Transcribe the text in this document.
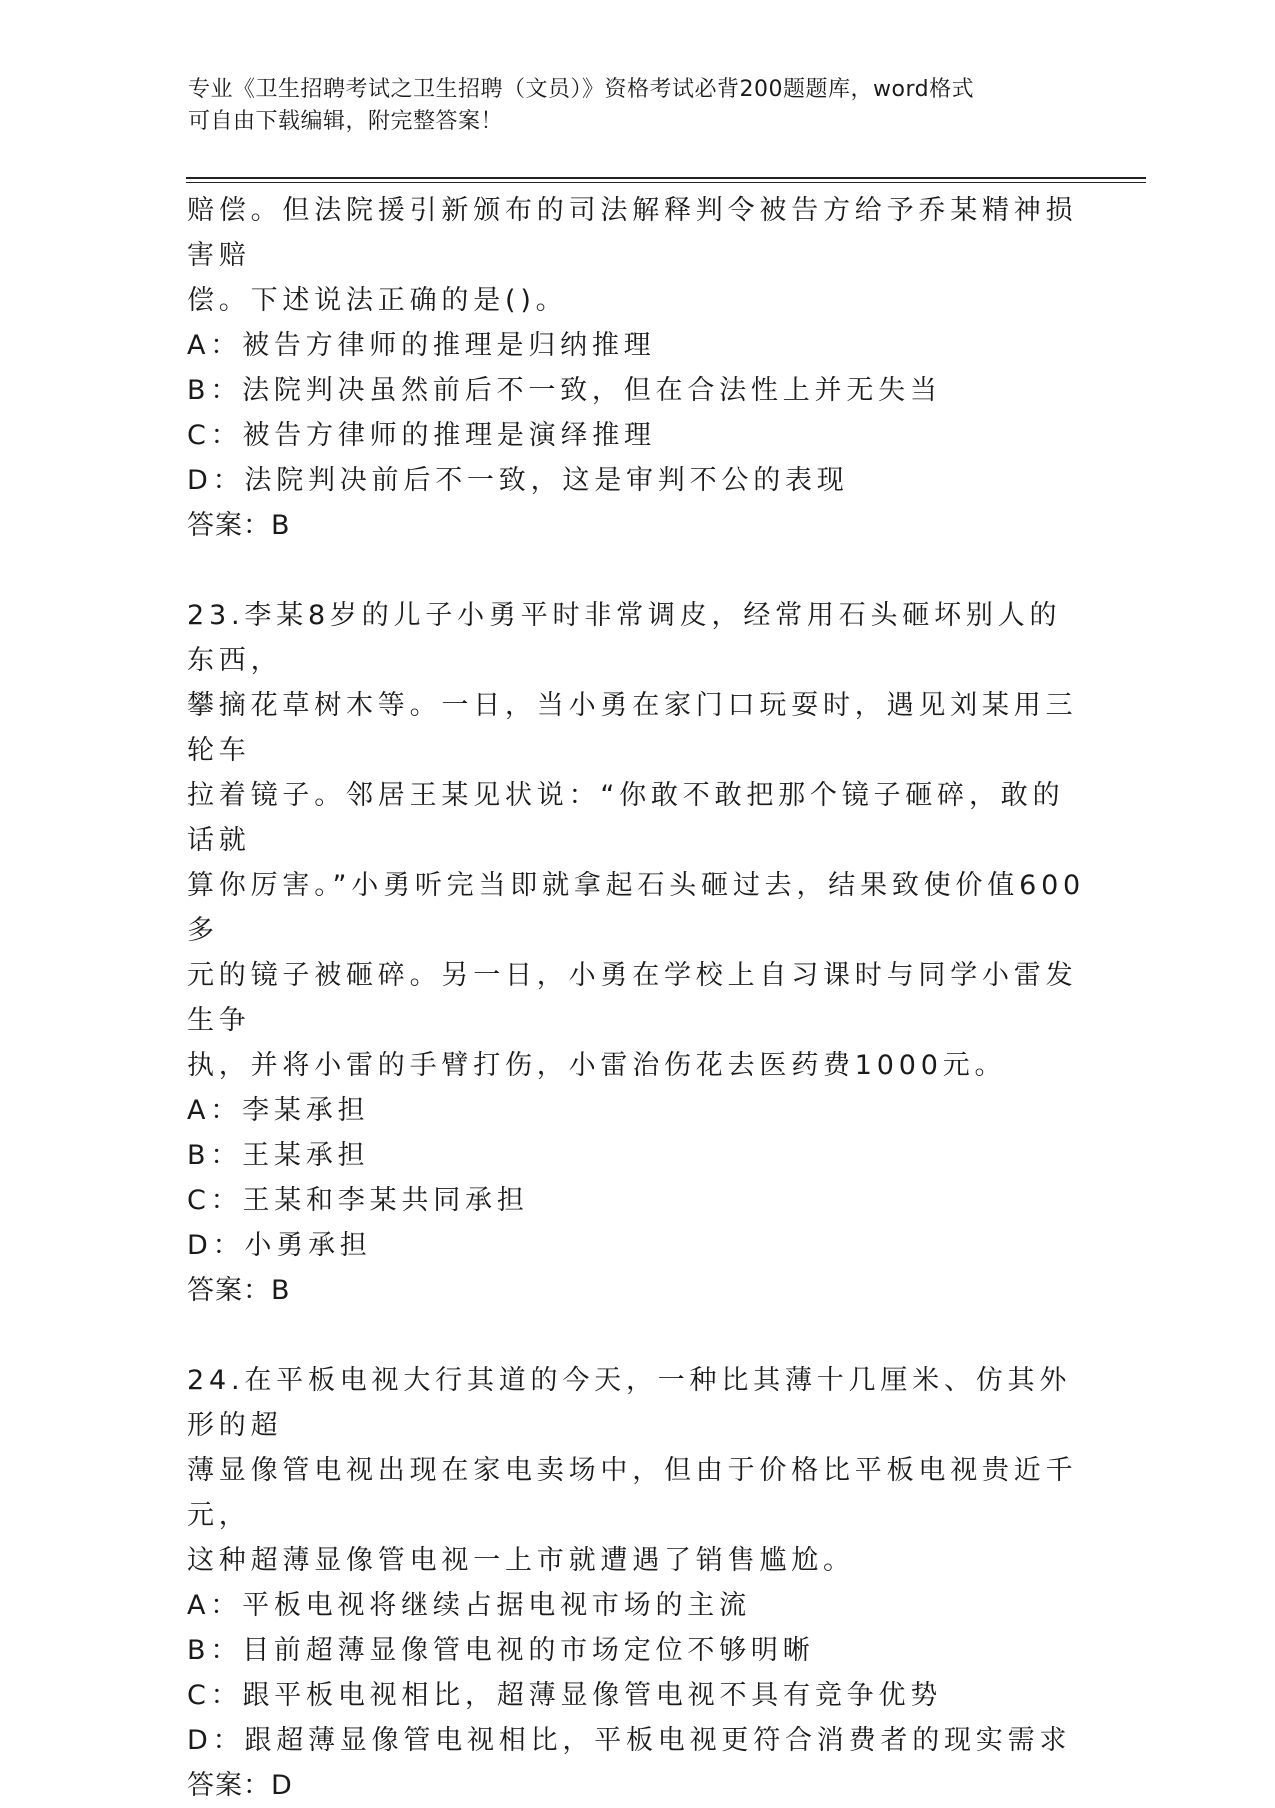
专业《卫生招聘考试之卫生招聘（文员）》资格考试必背200题题库，word格式
可自由下载编辑，附完整答案！

赔偿。但法院援引新颁布的司法解释判令被告方给予乔某精神损害赔

偿。下述说法正确的是()。

A：被告方律师的推理是归纳推理

B：法院判决虽然前后不一致，但在合法性上并无失当

C：被告方律师的推理是演绎推理

D：法院判决前后不一致，这是审判不公的表现

答案：B

23.李某8岁的儿子小勇平时非常调皮，经常用石头砸坏别人的东西，

攀摘花草树木等。一日，当小勇在家门口玩耍时，遇见刘某用三轮车

拉着镜子。邻居王某见状说：“你敢不敢把那个镜子砸碎，敢的话就

算你厉害。”小勇听完当即就拿起石头砸过去，结果致使价值600多

元的镜子被砸碎。另一日，小勇在学校上自习课时与同学小雷发生争

执，并将小雷的手臂打伤，小雷治伤花去医药费1000元。

A：李某承担

B：王某承担

C：王某和李某共同承担

D：小勇承担

答案：B

24.在平板电视大行其道的今天，一种比其薄十几厘米、仿其外形的超

薄显像管电视出现在家电卖场中，但由于价格比平板电视贵近千元，

这种超薄显像管电视一上市就遭遇了销售尴尬。

A：平板电视将继续占据电视市场的主流

B：目前超薄显像管电视的市场定位不够明晰

C：跟平板电视相比，超薄显像管电视不具有竞争优势

D：跟超薄显像管电视相比，平板电视更符合消费者的现实需求

答案：D
